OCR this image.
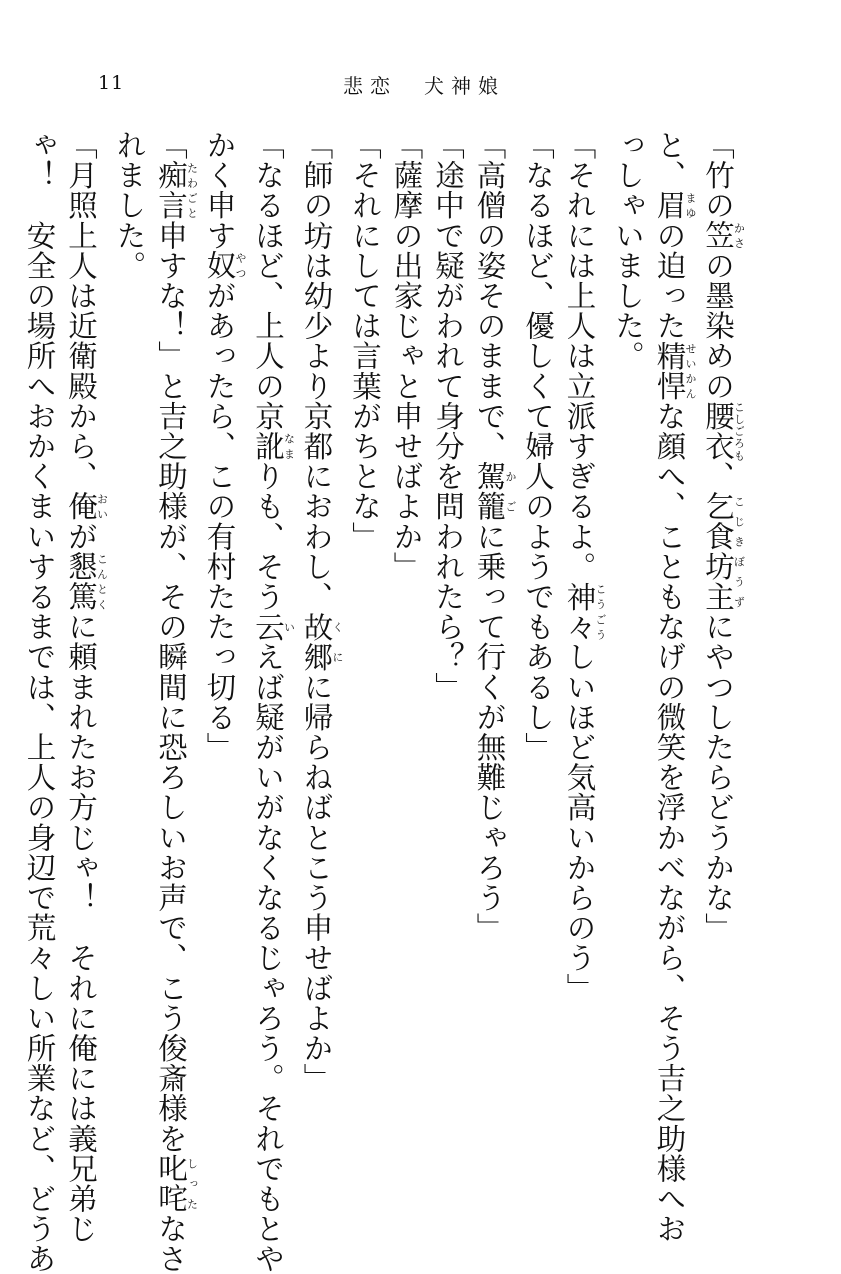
11	悲恋　犬神娘
「竹の笠かさの墨染めの腰衣こしごろも、乞食坊主こじきぼうずにやつしたらどうかな」
と、眉まゆの迫った精悍せいかんな顔へ、こともなげの微笑を浮かべながら、そう吉之助様へお
っしゃいました。
「それには上人は立派すぎるよ。神々こうごうしいほど気高いからのう」
「なるほど、優しくて婦人のようでもあるし」
「高僧の姿そのままで、駕籠かごに乗って行くが無難じゃろう」
「途中で疑がわれて身分を問われたら？」
「薩摩の出家じゃと申せばよか」
「それにしては言葉がちとな」
「師の坊は幼少より京都におわし、故郷くにに帰らねばとこう申せばよか」
「なるほど、上人の京訛なまりも、そう云いえば疑がいがなくなるじゃろう。それでもとや
かく申す奴やつがあったら、この有村たたっ切る」
「痴言たわごと申すな！」と吉之助様が、その瞬間に恐ろしいお声で、こう俊斎様を叱咤しったなさ
れました。
「月照上人は近衛殿から、俺おいが懇篤こんとくに頼まれたお方じゃ！　それに俺には義兄弟じ
ゃ！　安全の場所へおかくまいするまでは、上人の身辺で荒々しい所業など、どうあ
